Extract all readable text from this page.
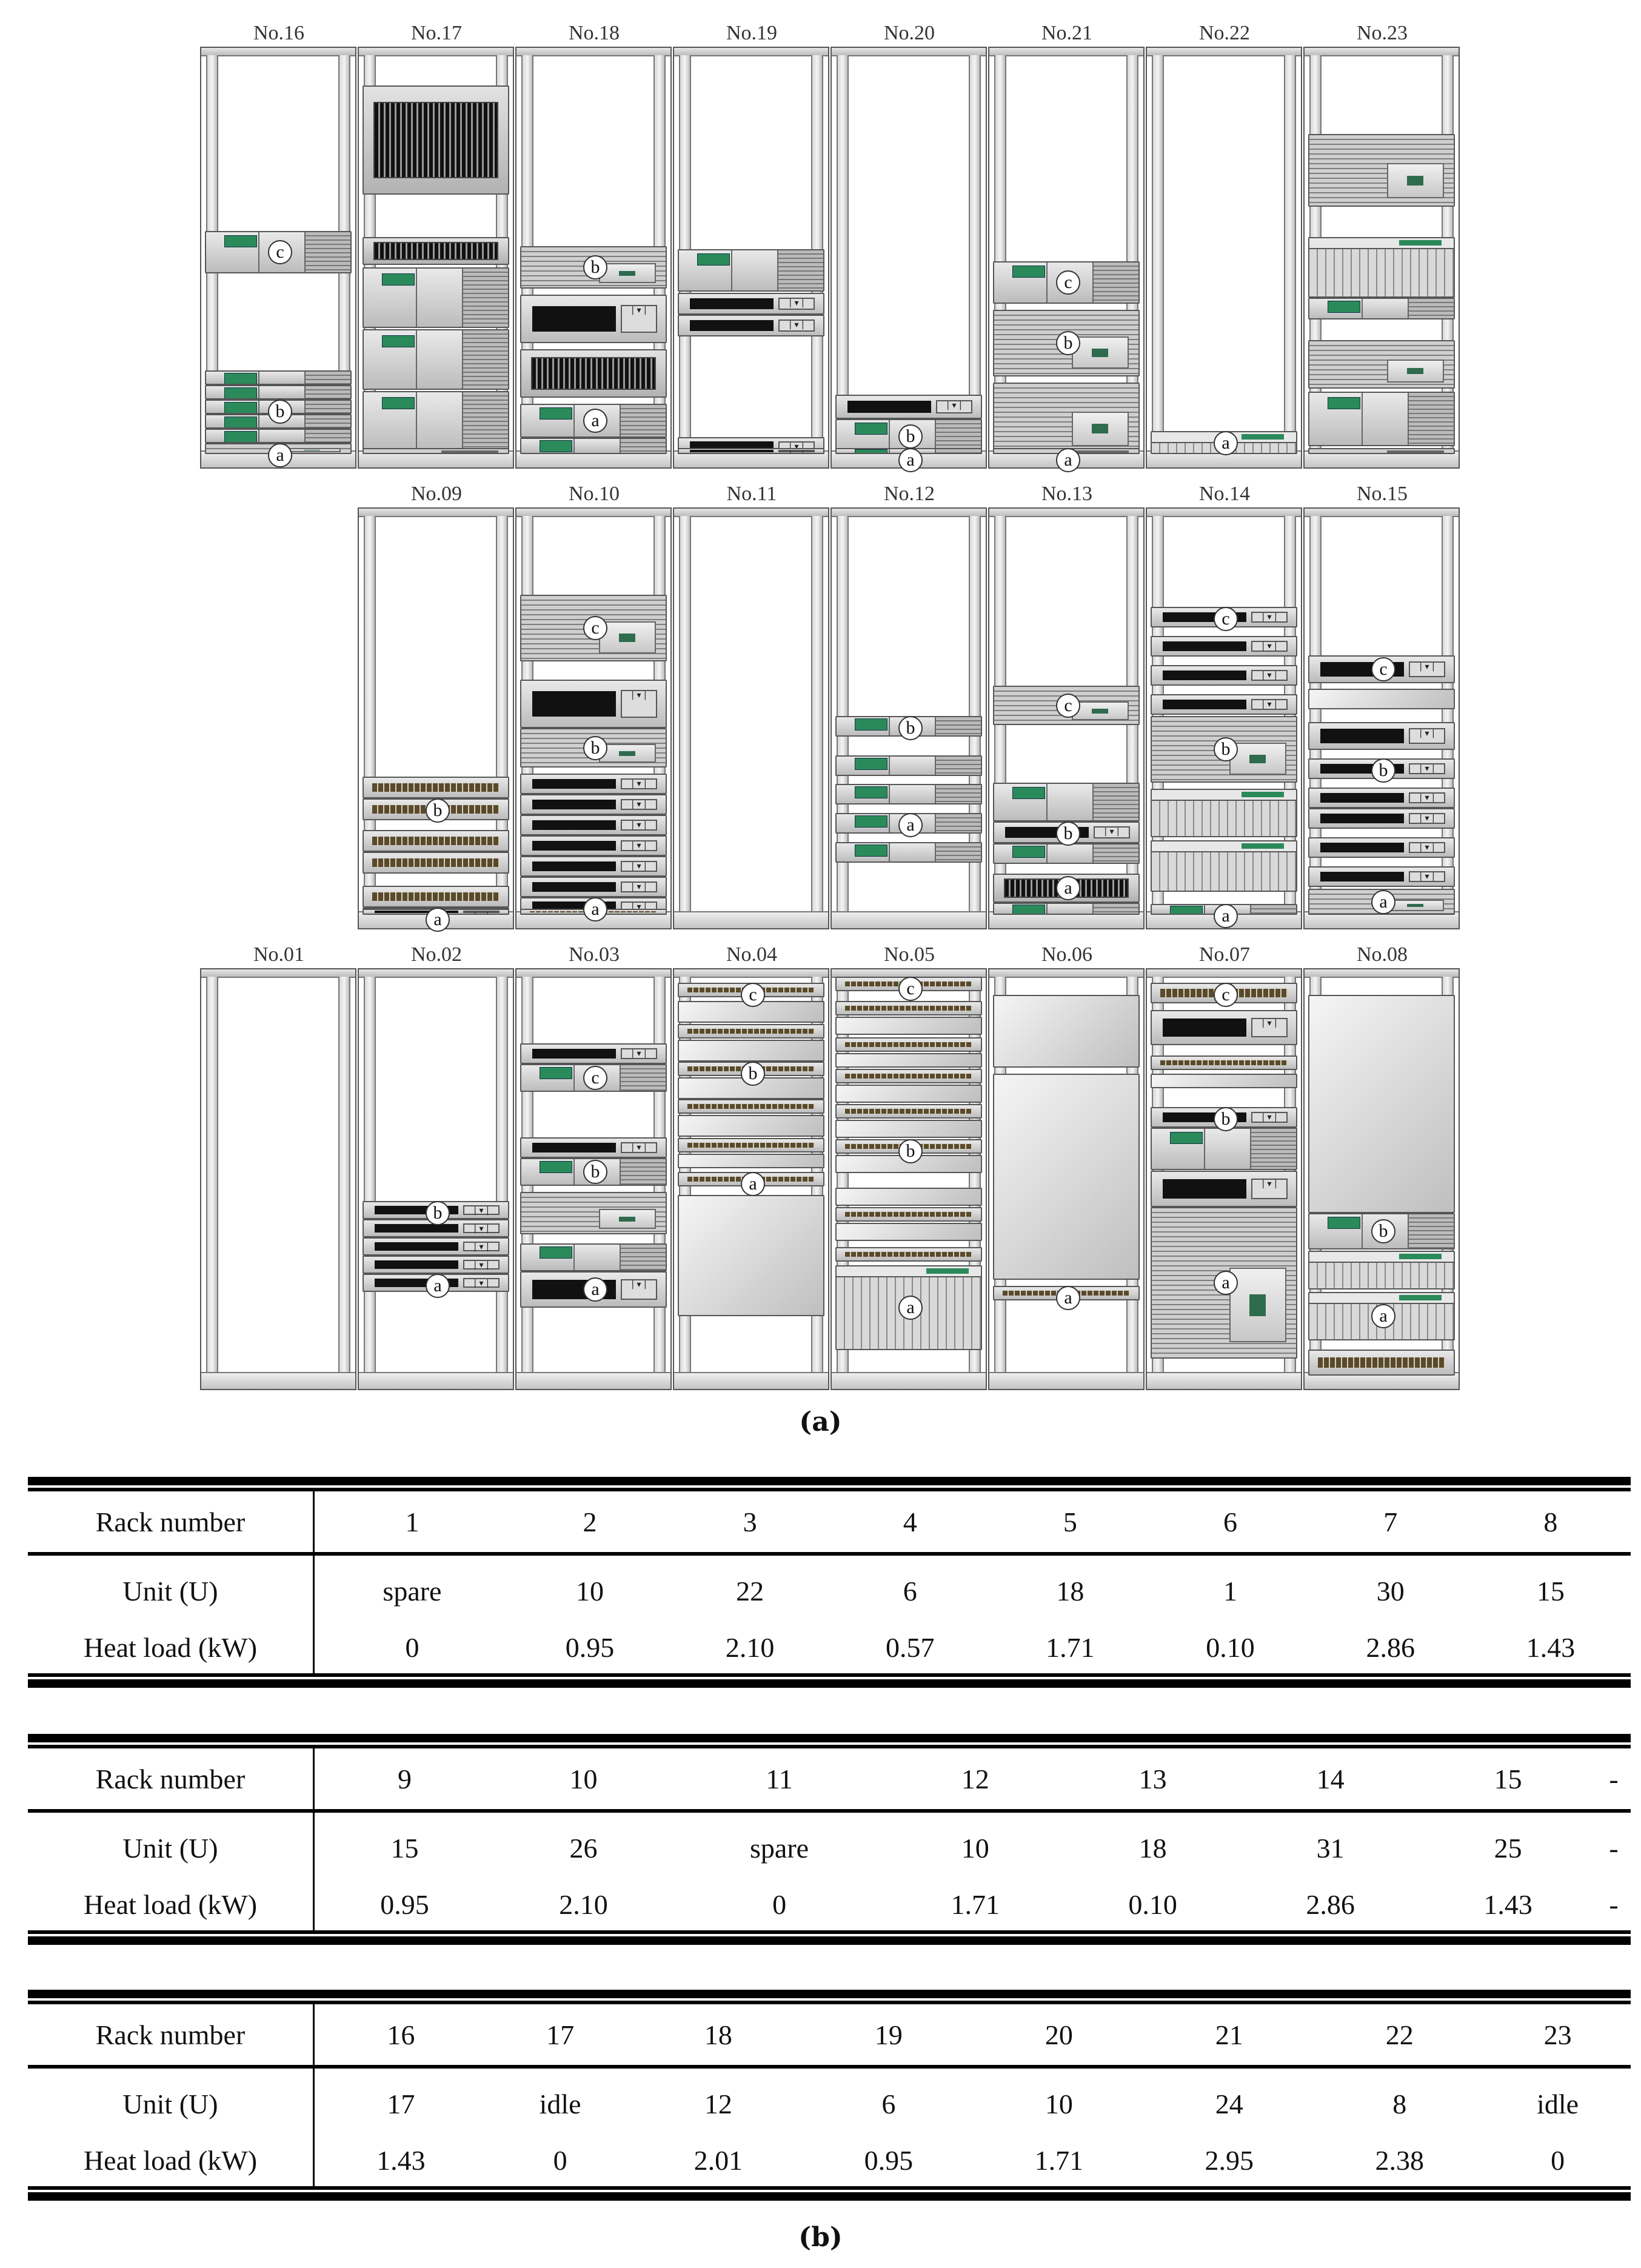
No.16
c
b
a
No.17	No.18
b
| ▾ |
a
No.19
| ▾ |
| ▾ |
| ▾ |
| ▾ |
| ▾ |	No.20
| ▾ |
b
a
No.21
c
b
a
No.22
a
No.23
No.09
b
a
| ▾ |
No.10
c
| ▾ |
b
| ▾ |
| ▾ |
| ▾ |
| ▾ |
| ▾ |
| ▾ |
| ▾ |
a
No.11	No.12
b
a
No.13
c
| ▾ |
b
a
No.14
| ▾ |
c
| ▾ |
| ▾ |
| ▾ |
b
a
No.15
| ▾ |
c
| ▾ |
| ▾ |
b
| ▾ |
| ▾ |
| ▾ |
| ▾ |
a
No.01	No.02
| ▾ |
b
| ▾ |
| ▾ |
| ▾ |
| ▾ |
a
No.03
| ▾ |
c
| ▾ |
b
| ▾ |
a
No.04
c
b
a
No.05
c
b
a
No.06
a
No.07
c
| ▾ |
| ▾ |
b
| ▾ |
a
No.08
b
a
(a)
Rack number	1	2	3	4	5	6	7	8
Unit (U)	spare	10	22	6	18	1	30	15
Heat load (kW)	0	0.95	2.10	0.57	1.71	0.10	2.86	1.43
Rack number	9	10	11	12	13	14	15	-
Unit (U)	15	26	spare	10	18	31	25	-
Heat load (kW)	0.95	2.10	0	1.71	0.10	2.86	1.43	-
Rack number	16	17	18	19	20	21	22	23
Unit (U)	17	idle	12	6	10	24	8	idle
Heat load (kW)	1.43	0	2.01	0.95	1.71	2.95	2.38	0
(b)
